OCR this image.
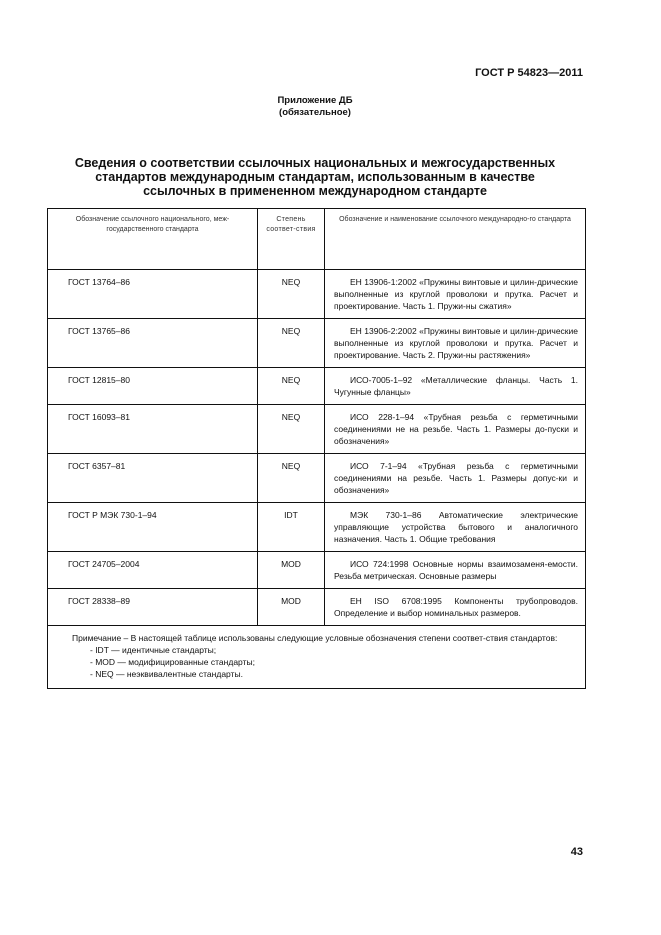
ГОСТ Р 54823—2011
Приложение ДБ
(обязательное)
Сведения о соответствии ссылочных национальных и межгосударственных
стандартов международным стандартам, использованным в качестве
ссылочных в примененном международном стандарте
Обозначение ссылочного национального, меж-государственного стандарта	Степень соответ-ствия	Обозначение и наименование ссылочного международно-го стандарта
ГОСТ 13764–86	NEQ	ЕН 13906-1:2002 «Пружины винтовые и цилин-дрические выполненные из круглой проволоки и прутка. Расчет и проектирование. Часть 1. Пружи-ны сжатия»
ГОСТ 13765–86	NEQ	ЕН 13906-2:2002 «Пружины винтовые и цилин-дрические выполненные из круглой проволоки и прутка. Расчет и проектирование. Часть 2. Пружи-ны растяжения»
ГОСТ 12815–80	NEQ	ИСО-7005-1–92 «Металлические фланцы. Часть 1. Чугунные фланцы»
ГОСТ 16093–81	NEQ	ИСО 228-1–94 «Трубная резьба с герметичными соединениями не на резьбе. Часть 1. Размеры до-пуски и обозначения»
ГОСТ 6357–81	NEQ	ИСО 7-1–94 «Трубная резьба с герметичными соединениями на резьбе. Часть 1. Размеры допус-ки и обозначения»
ГОСТ Р МЭК 730-1–94	IDT	МЭК 730-1–86 Автоматические электрические управляющие устройства бытового и аналогичного назначения. Часть 1. Общие требования
ГОСТ 24705–2004	MOD	ИСО 724:1998 Основные нормы взаимозаменя-емости. Резьба метрическая. Основные размеры
ГОСТ 28338–89	MOD	ЕН ISO 6708:1995 Компоненты трубопроводов. Определение и выбор номинальных размеров.

Примечание – В настоящей таблице использованы следующие условные обозначения степени соответ-ствия стандартов:
- IDT — идентичные стандарты;
- MOD — модифицированные стандарты;
- NEQ — неэквивалентные стандарты.		
43
